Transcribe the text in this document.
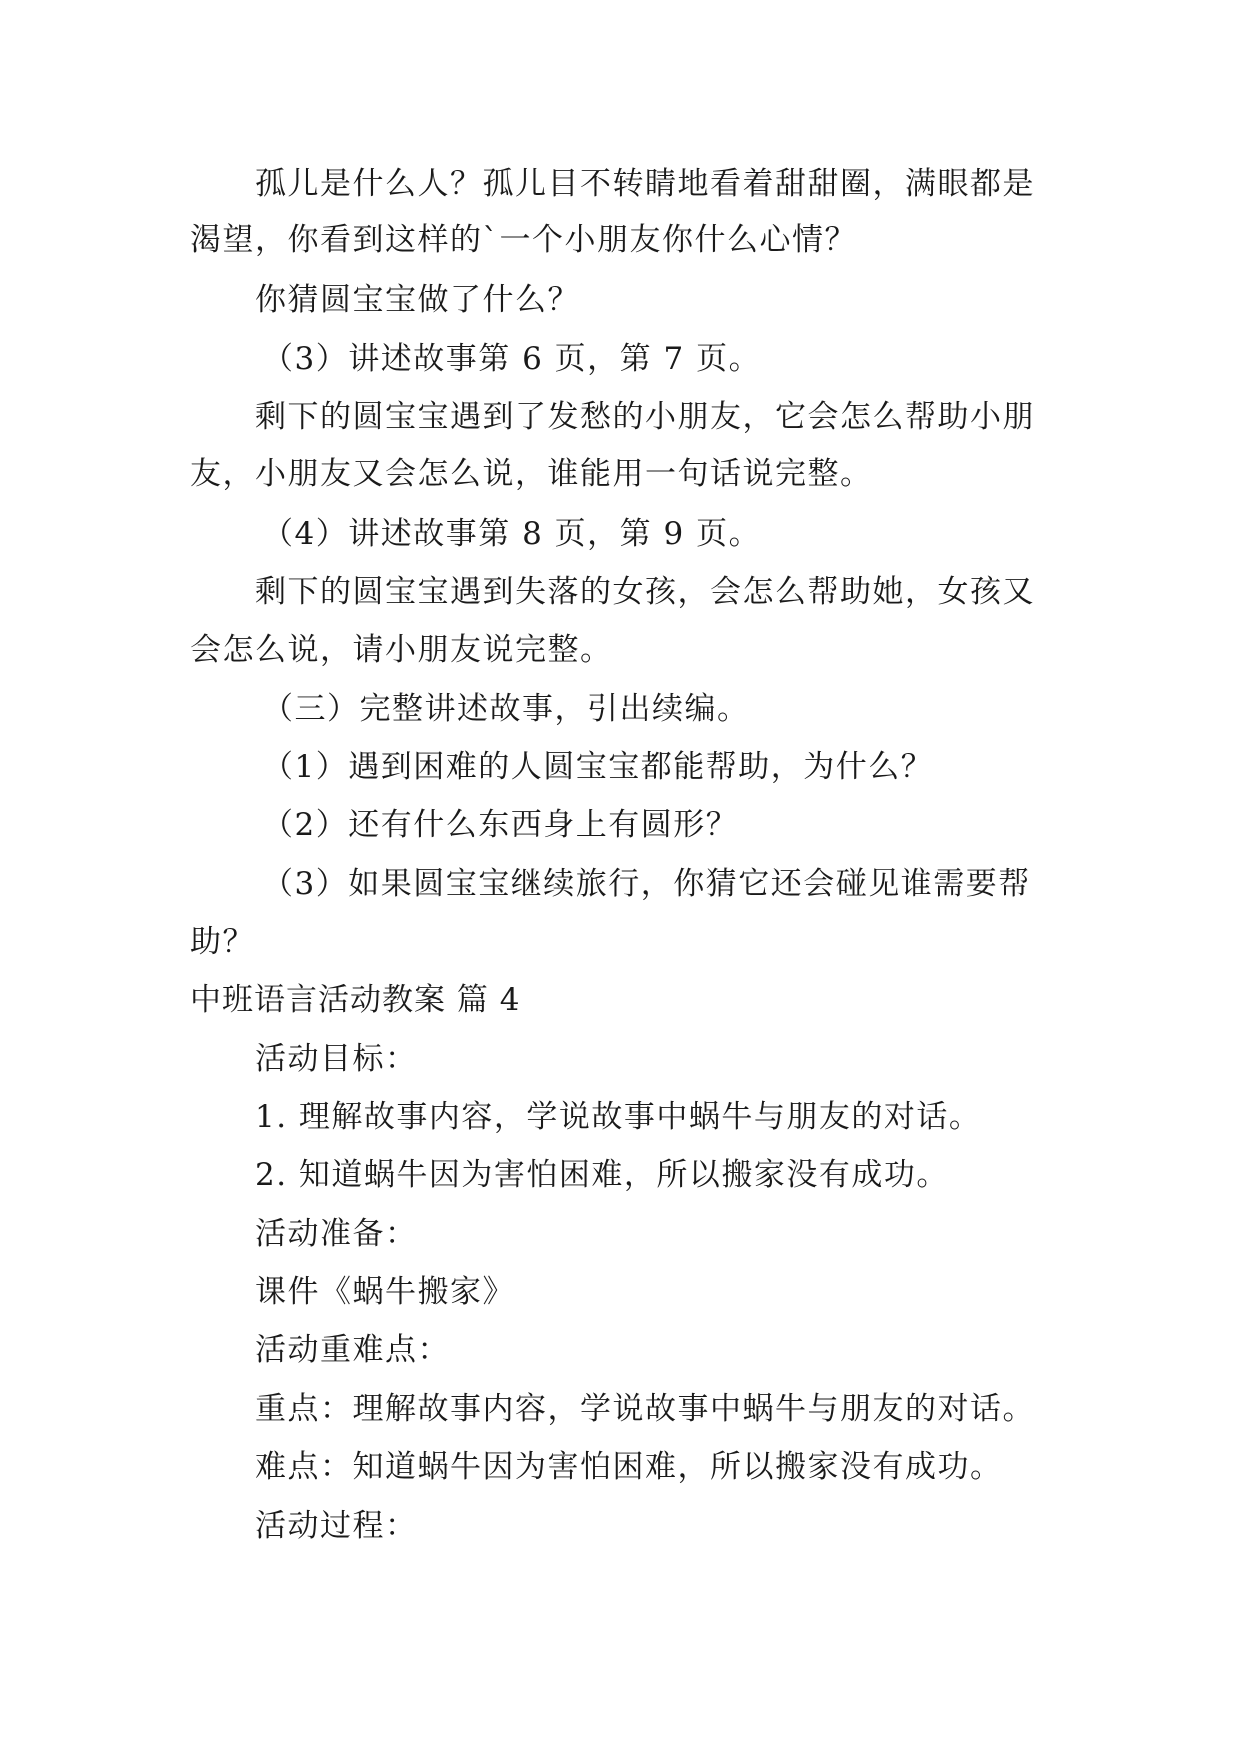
孤儿是什么人？孤儿目不转睛地看着甜甜圈，满眼都是
渴望，你看到这样的`一个小朋友你什么心情？
你猜圆宝宝做了什么？
（3）讲述故事第 6 页，第 7 页。
剩下的圆宝宝遇到了发愁的小朋友，它会怎么帮助小朋
友，小朋友又会怎么说，谁能用一句话说完整。
（4）讲述故事第 8 页，第 9 页。
剩下的圆宝宝遇到失落的女孩，会怎么帮助她，女孩又
会怎么说，请小朋友说完整。
（三）完整讲述故事，引出续编。
（1）遇到困难的人圆宝宝都能帮助，为什么？
（2）还有什么东西身上有圆形？
（3）如果圆宝宝继续旅行，你猜它还会碰见谁需要帮
助？
中班语言活动教案 篇 4
活动目标：
1. 理解故事内容，学说故事中蜗牛与朋友的对话。
2. 知道蜗牛因为害怕困难，所以搬家没有成功。
活动准备：
课件《蜗牛搬家》
活动重难点：
重点：理解故事内容，学说故事中蜗牛与朋友的对话。
难点：知道蜗牛因为害怕困难，所以搬家没有成功。
活动过程：
